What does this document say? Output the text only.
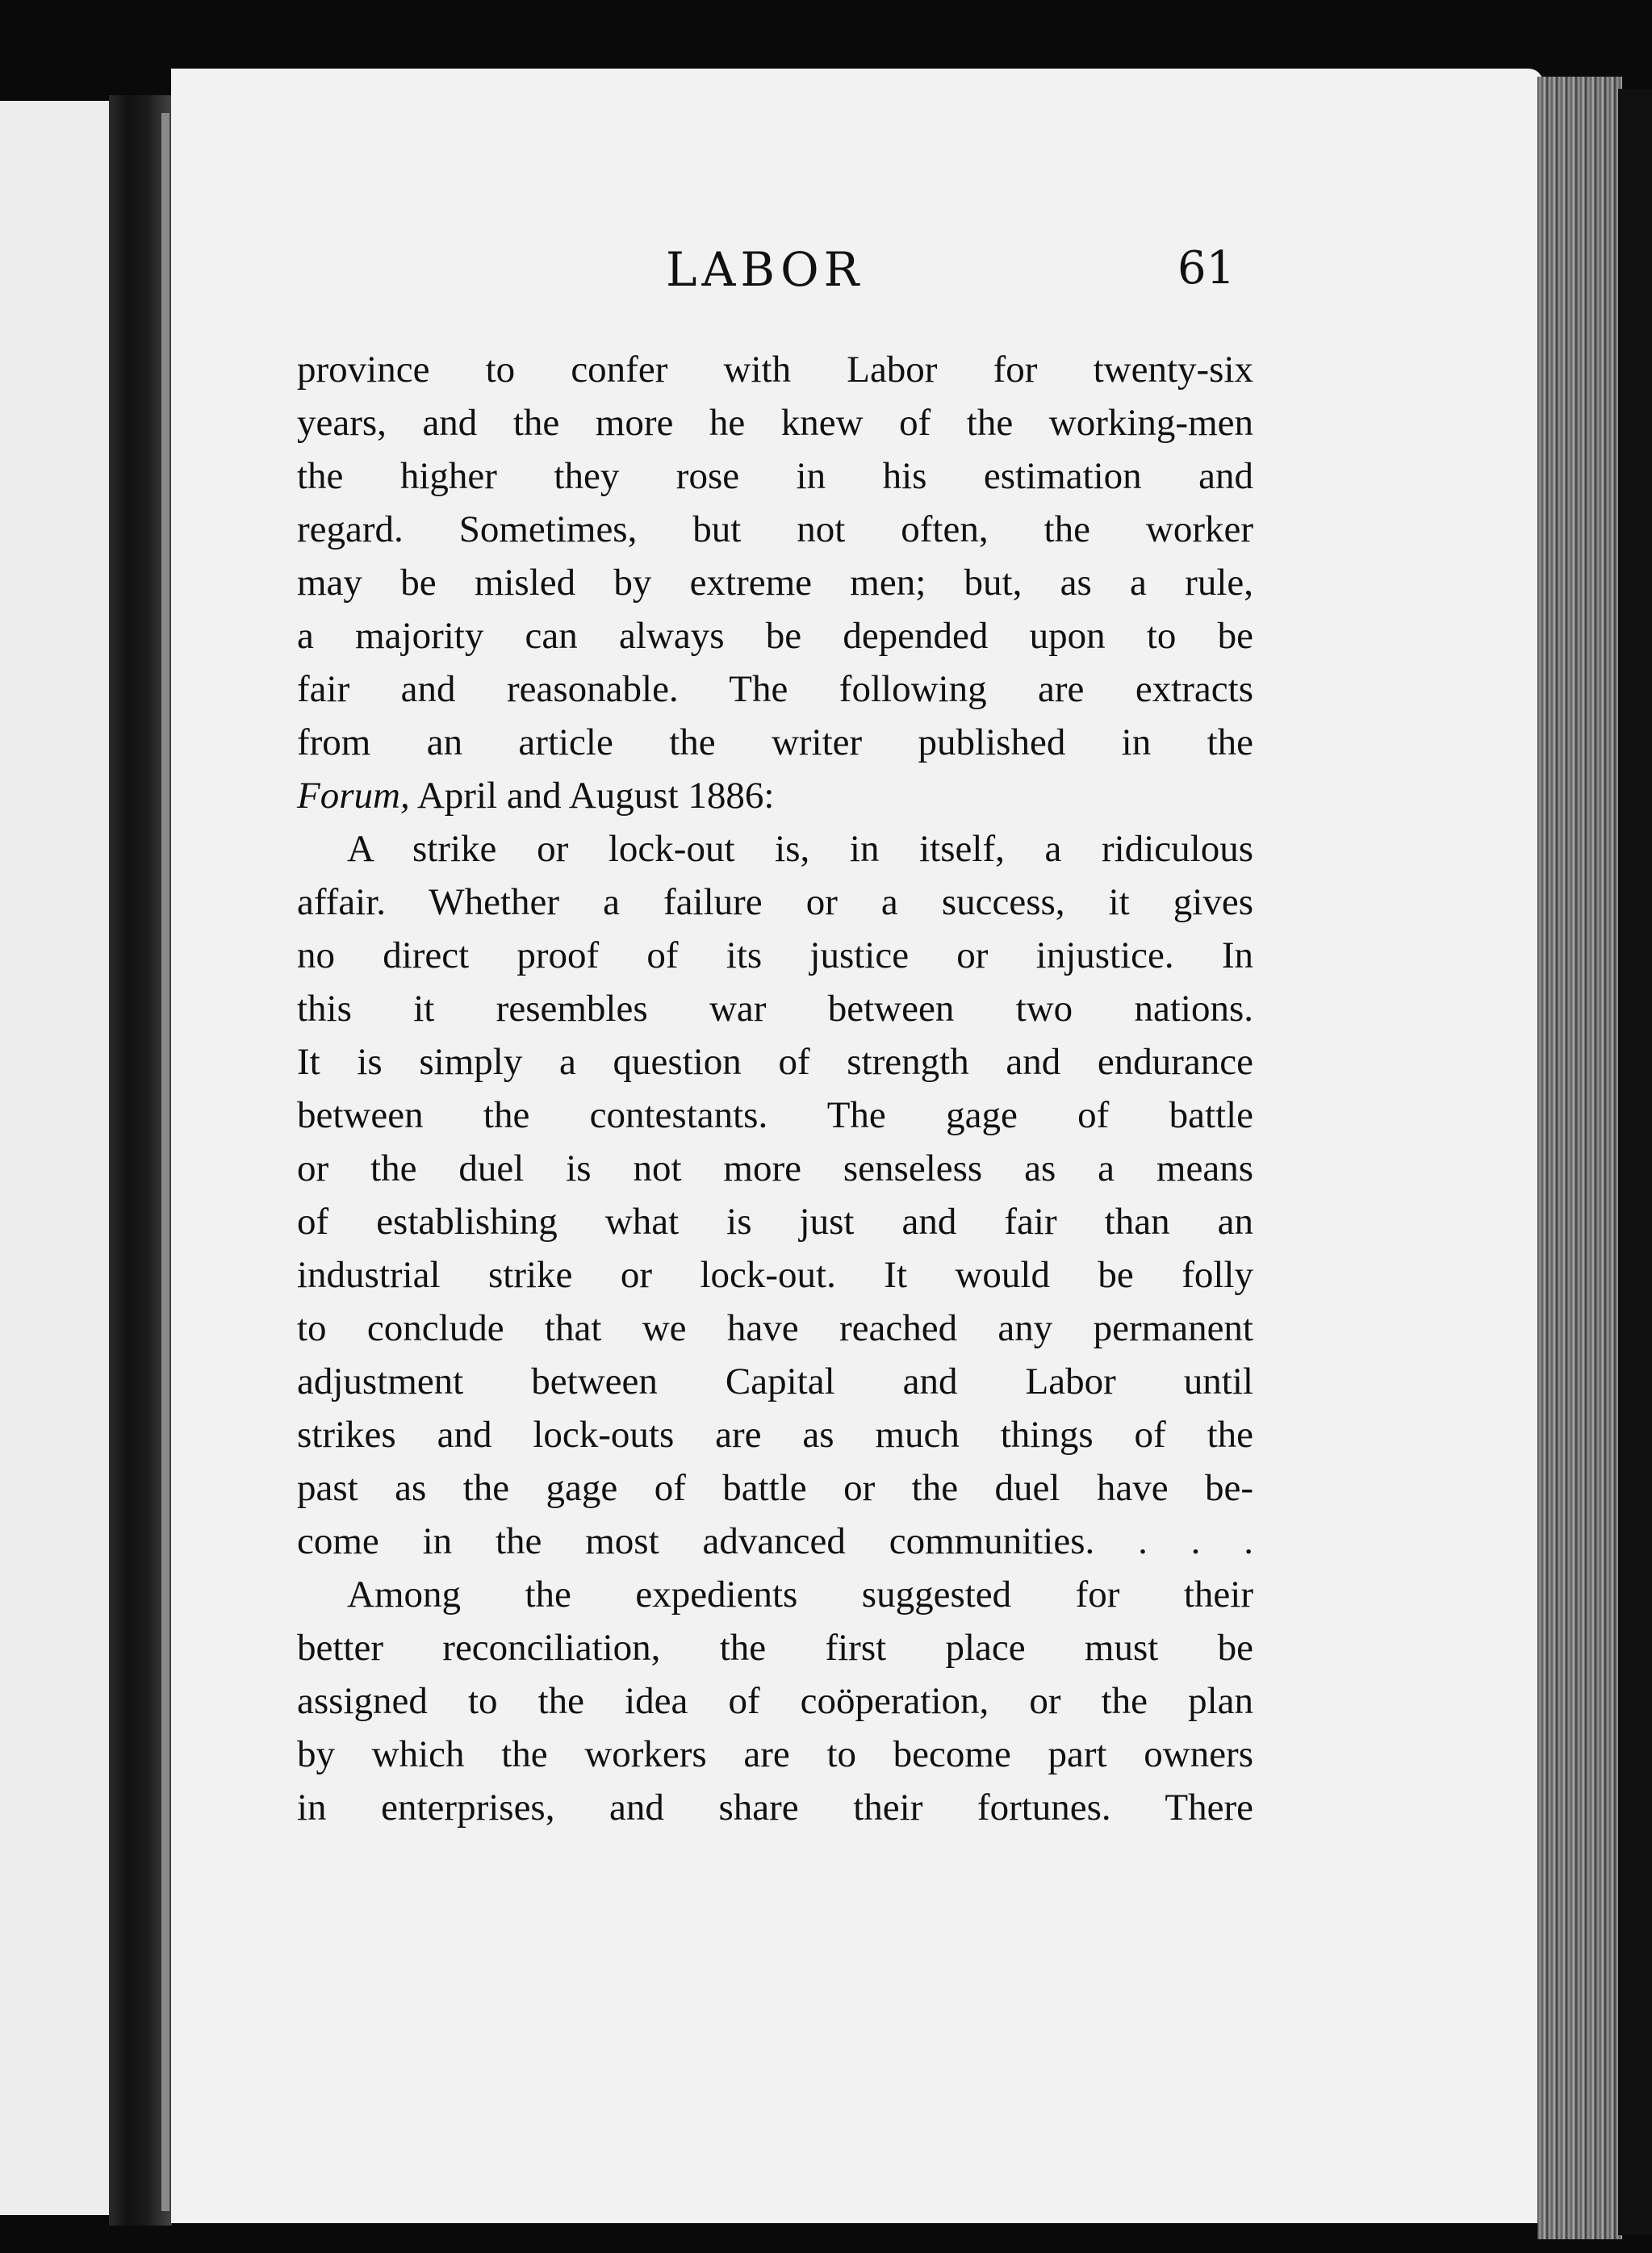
LABOR	61
province to confer with Labor for twenty-six
years, and the more he knew of the working-men
the higher they rose in his estimation and
regard. Sometimes, but not often, the worker
may be misled by extreme men; but, as a rule,
a majority can always be depended upon to be
fair and reasonable. The following are extracts
from an article the writer published in the
Forum, April and August 1886:
A strike or lock-out is, in itself, a ridiculous
affair. Whether a failure or a success, it gives
no direct proof of its justice or injustice. In
this it resembles war between two nations.
It is simply a question of strength and endurance
between the contestants. The gage of battle
or the duel is not more senseless as a means
of establishing what is just and fair than an
industrial strike or lock-out. It would be folly
to conclude that we have reached any permanent
adjustment between Capital and Labor until
strikes and lock-outs are as much things of the
past as the gage of battle or the duel have be-
come in the most advanced communities. . . .
Among the expedients suggested for their
better reconciliation, the first place must be
assigned to the idea of coöperation, or the plan
by which the workers are to become part owners
in enterprises, and share their fortunes. There
